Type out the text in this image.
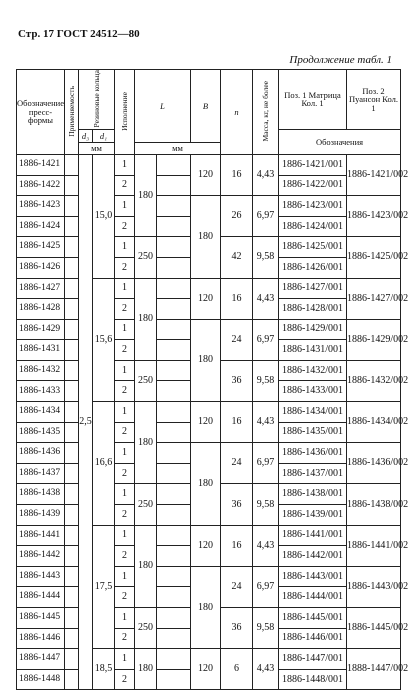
Стр. 17 ГОСТ 24512—80
Продолжение табл. 1
Обозначение пресс-формы	Применяемость	Резиновые кольца		Исполнение	L		B	n	Масса, кг, не более	Поз. 1 Матрица Кол. 1	Поз. 2 Пуансон Кол. 1
		d₃	d₁							Обозначения	
		мм			мм						
1886-1421		2,5	15,0	1	180		120	16	4,43	1886-1421/001	1886-1421/002
1886-1422				2						1886-1422/001	
1886-1423				1			180	26	6,97	1886-1423/001	1886-1423/002
1886-1424				2						1886-1424/001	
1886-1425				1	250			42	9,58	1886-1425/001	1886-1425/002
1886-1426				2						1886-1426/001	
1886-1427			15,6	1	180		120	16	4,43	1886-1427/001	1886-1427/002
1886-1428				2						1886-1428/001	
1886-1429				1			180	24	6,97	1886-1429/001	1886-1429/002
1886-1431				2						1886-1431/001	
1886-1432				1	250			36	9,58	1886-1432/001	1886-1432/002
1886-1433				2						1886-1433/001	
1886-1434			16,6	1	180		120	16	4,43	1886-1434/001	1886-1434/002
1886-1435				2						1886-1435/001	
1886-1436				1			180	24	6,97	1886-1436/001	1886-1436/002
1886-1437				2						1886-1437/001	
1886-1438				1	250			36	9,58	1886-1438/001	1886-1438/002
1886-1439				2						1886-1439/001	
1886-1441			17,5	1	180		120	16	4,43	1886-1441/001	1886-1441/002
1886-1442				2						1886-1442/001	
1886-1443				1			180	24	6,97	1886-1443/001	1886-1443/002
1886-1444				2						1886-1444/001	
1886-1445				1	250			36	9,58	1886-1445/001	1886-1445/002
1886-1446				2						1886-1446/001	
1886-1447			18,5	1	180		120	6	4,43	1886-1447/001	1888-1447/002
1886-1448				2						1886-1448/001	
